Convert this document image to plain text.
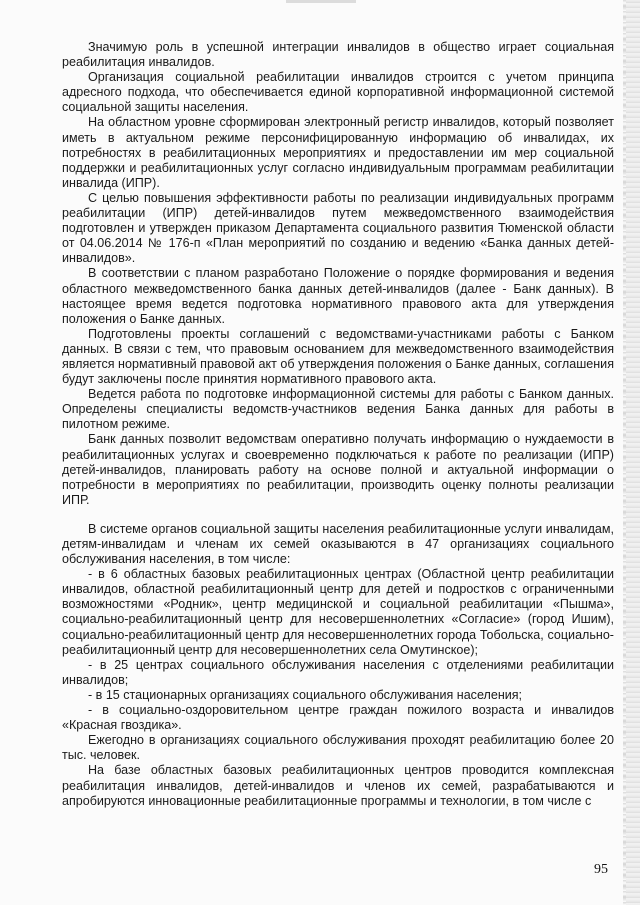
Значимую роль в успешной интеграции инвалидов в общество играет социальная реабилитация инвалидов.

Организация социальной реабилитации инвалидов строится с учетом принципа адресного подхода, что обеспечивается единой корпоративной информационной системой социальной защиты населения.

На областном уровне сформирован электронный регистр инвалидов, который позволяет иметь в актуальном режиме персонифицированную информацию об инвалидах, их потребностях в реабилитационных мероприятиях и предоставлении им мер социальной поддержки и реабилитационных услуг согласно индивидуальным программам реабилитации инвалида (ИПР).

С целью повышения эффективности работы по реализации индивидуальных программ реабилитации (ИПР) детей-инвалидов путем межведомственного взаимодействия подготовлен и утвержден приказом Департамента социального развития Тюменской области от 04.06.2014 № 176-п «План мероприятий по созданию и ведению «Банка данных детей-инвалидов».

В соответствии с планом разработано Положение о порядке формирования и ведения областного межведомственного банка данных детей-инвалидов (далее - Банк данных). В настоящее время ведется подготовка нормативного правового акта для утверждения положения о Банке данных.

Подготовлены проекты соглашений с ведомствами-участниками работы с Банком данных. В связи с тем, что правовым основанием для межведомственного взаимодействия является нормативный правовой акт об утверждения положения о Банке данных, соглашения будут заключены после принятия нормативного правового акта.

Ведется работа по подготовке информационной системы для работы с Банком данных. Определены специалисты ведомств-участников ведения Банка данных для работы в пилотном режиме.

Банк данных позволит ведомствам оперативно получать информацию о нуждаемости в реабилитационных услугах и своевременно подключаться к работе по реализации (ИПР) детей-инвалидов, планировать работу на основе полной и актуальной информации о потребности в мероприятиях по реабилитации, производить оценку полноты реализации ИПР.

В системе органов социальной защиты населения реабилитационные услуги инвалидам, детям-инвалидам и членам их семей оказываются в 47 организациях социального обслуживания населения, в том числе:

- в 6 областных базовых реабилитационных центрах (Областной центр реабилитации инвалидов, областной реабилитационный центр для детей и подростков с ограниченными возможностями «Родник», центр медицинской и социальной реабилитации «Пышма», социально-реабилитационный центр для несовершеннолетних «Согласие» (город Ишим), социально-реабилитационный центр для несовершеннолетних города Тобольска, социально-реабилитационный центр для несовершеннолетних села Омутинское);

- в 25 центрах социального обслуживания населения с отделениями реабилитации инвалидов;

- в 15 стационарных организациях социального обслуживания населения;

- в социально-оздоровительном центре граждан пожилого возраста и инвалидов «Красная гвоздика».

Ежегодно в организациях социального обслуживания проходят реабилитацию более 20 тыс. человек.

На базе областных базовых реабилитационных центров проводится комплексная реабилитация инвалидов, детей-инвалидов и членов их семей, разрабатываются и апробируются инновационные реабилитационные программы и технологии, в том числе с

95
